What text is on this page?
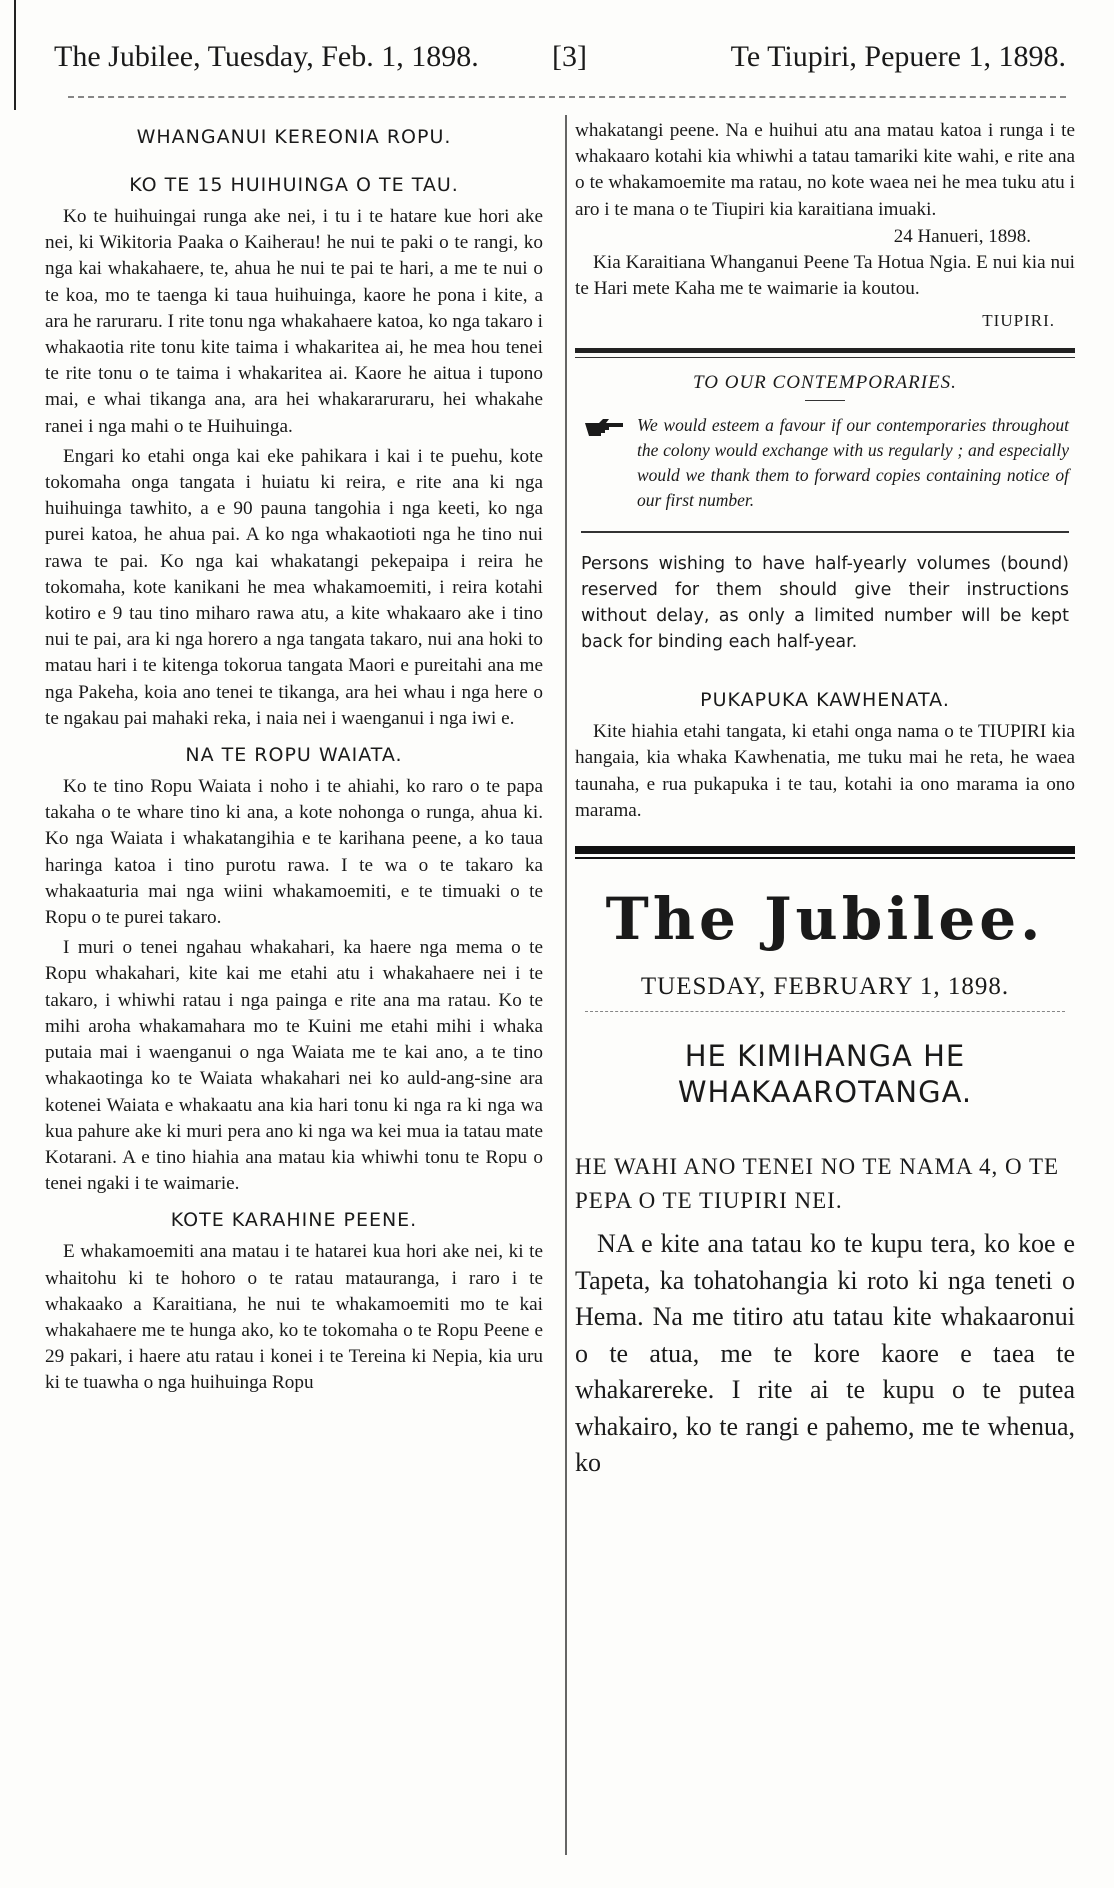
The Jubilee, Tuesday, Feb. 1, 1898. [3]	Te Tiupiri, Pepuere 1, 1898.
WHANGANUI KEREONIA ROPU.
KO TE 15 HUIHUINGA O TE TAU.

Ko te huihuingai runga ake nei, i tu i te hatare kue hori ake nei, ki Wikitoria Paaka o Kaiherau! he nui te paki o te rangi, ko nga kai whakahaere, te, ahua he nui te pai te hari, a me te nui o te koa, mo te taenga ki taua huihuinga, kaore he pona i kite, a ara he raruraru. I rite tonu nga whakahaere katoa, ko nga takaro i whakaotia rite tonu kite taima i whakaritea ai, he mea hou tenei te rite tonu o te taima i whakaritea ai. Kaore he aitua i tupono mai, e whai tikanga ana, ara hei whakararuraru, hei whakahe ranei i nga mahi o te Huihuinga.

Engari ko etahi onga kai eke pahikara i kai i te puehu, kote tokomaha onga tangata i huiatu ki reira, e rite ana ki nga huihuinga tawhito, a e 90 pauna tangohia i nga keeti, ko nga purei katoa, he ahua pai. A ko nga whakaotioti nga he tino nui rawa te pai. Ko nga kai whakatangi pekepaipa i reira he tokomaha, kote kanikani he mea whakamoemiti, i reira kotahi kotiro e 9 tau tino miharo rawa atu, a kite whakaaro ake i tino nui te pai, ara ki nga horero a nga tangata takaro, nui ana hoki to matau hari i te kitenga tokorua tangata Maori e pureitahi ana me nga Pakeha, koia ano tenei te tikanga, ara hei whau i nga here o te ngakau pai mahaki reka, i naia nei i waenganui i nga iwi e.

NA TE ROPU WAIATA.

Ko te tino Ropu Waiata i noho i te ahiahi, ko raro o te papa takaha o te whare tino ki ana, a kote nohonga o runga, ahua ki. Ko nga Waiata i whakatangihia e te karihana peene, a ko taua haringa katoa i tino purotu rawa. I te wa o te takaro ka whakaaturia mai nga wiini whakamoemiti, e te timuaki o te Ropu o te purei takaro.

I muri o tenei ngahau whakahari, ka haere nga mema o te Ropu whakahari, kite kai me etahi atu i whakahaere nei i te takaro, i whiwhi ratau i nga painga e rite ana ma ratau. Ko te mihi aroha whakamahara mo te Kuini me etahi mihi i whaka putaia mai i waenganui o nga Waiata me te kai ano, a te tino whakaotinga ko te Waiata whakahari nei ko auld-ang-sine ara kotenei Waiata e whakaatu ana kia hari tonu ki nga ra ki nga wa kua pahure ake ki muri pera ano ki nga wa kei mua ia tatau mate Kotarani. A e tino hiahia ana matau kia whiwhi tonu te Ropu o tenei ngaki i te waimarie.

KOTE KARAHINE PEENE.

E whakamoemiti ana matau i te hatarei kua hori ake nei, ki te whaitohu ki te hohoro o te ratau matauranga, i raro i te whakaako a Karaitiana, he nui te whakamoemiti mo te kai whakahaere me te hunga ako, ko te tokomaha o te Ropu Peene e 29 pakari, i haere atu ratau i konei i te Tereina ki Nepia, kia uru ki te tuawha o nga huihuinga Ropu

whakatangi peene. Na e huihui atu ana matau katoa i runga i te whakaaro kotahi kia whiwhi a tatau tamariki kite wahi, e rite ana o te whakamoemite ma ratau, no kote waea nei he mea tuku atu i aro i te mana o te Tiupiri kia karaitiana imuaki.

24 Hanueri, 1898.

Kia Karaitiana Whanganui Peene Ta Hotua Ngia. E nui kia nui te Hari mete Kaha me te waimarie ia koutou.

TIUPIRI.
TO OUR CONTEMPORARIES.
We would esteem a favour if our contemporaries throughout the colony would exchange with us regularly ; and especially would we thank them to forward copies containing notice of our first number.
Persons wishing to have half-yearly volumes (bound) reserved for them should give their instructions without delay, as only a limited number will be kept back for binding each half-year.
PUKAPUKA KAWHENATA.

Kite hiahia etahi tangata, ki etahi onga nama o te TIUPIRI kia hangaia, kia whaka Kawhenatia, me tuku mai he reta, he waea taunaha, e rua pukapuka i te tau, kotahi ia ono marama ia ono marama.

The Jubilee.
TUESDAY, FEBRUARY 1, 1898.
HE KIMIHANGA HE WHAKAAROTANGA.
HE WAHI ANO TENEI NO TE NAMA 4, O TE PEPA O TE TIUPIRI NEI.

NA e kite ana tatau ko te kupu tera, ko koe e Tapeta, ka tohatohangia ki roto ki nga teneti o Hema. Na me titiro atu tatau kite whakaaronui o te atua, me te kore kaore e taea te whakarereke. I rite ai te kupu o te putea whakairo, ko te rangi e pahemo, me te whenua, ko
